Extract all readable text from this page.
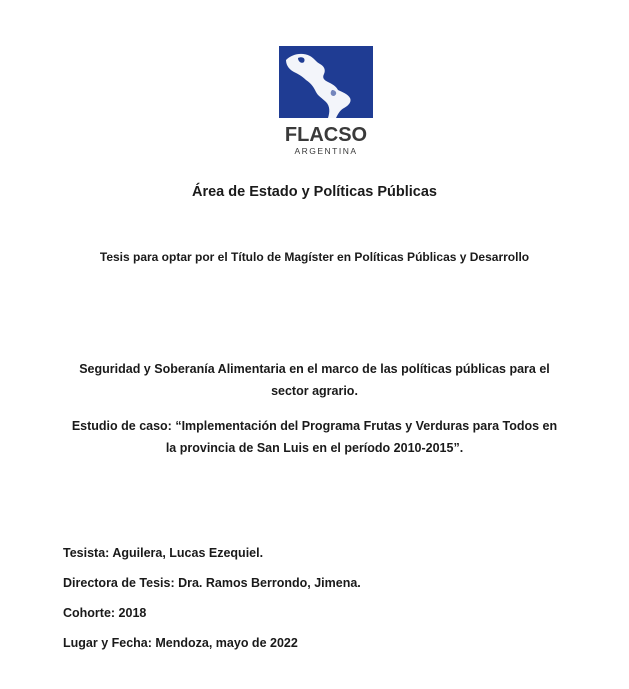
FLACSO
ARGENTINA

Área de Estado y Políticas Públicas

Tesis para optar por el Título de Magíster en Políticas Públicas y Desarrollo

Seguridad y Soberanía Alimentaria en el marco de las políticas públicas para el
sector agrario.

Estudio de caso: “Implementación del Programa Frutas y Verduras para Todos en
la provincia de San Luis en el período 2010-2015”.

Tesista: Aguilera, Lucas Ezequiel.

Directora de Tesis: Dra. Ramos Berrondo, Jimena.

Cohorte: 2018

Lugar y Fecha: Mendoza, mayo de 2022
